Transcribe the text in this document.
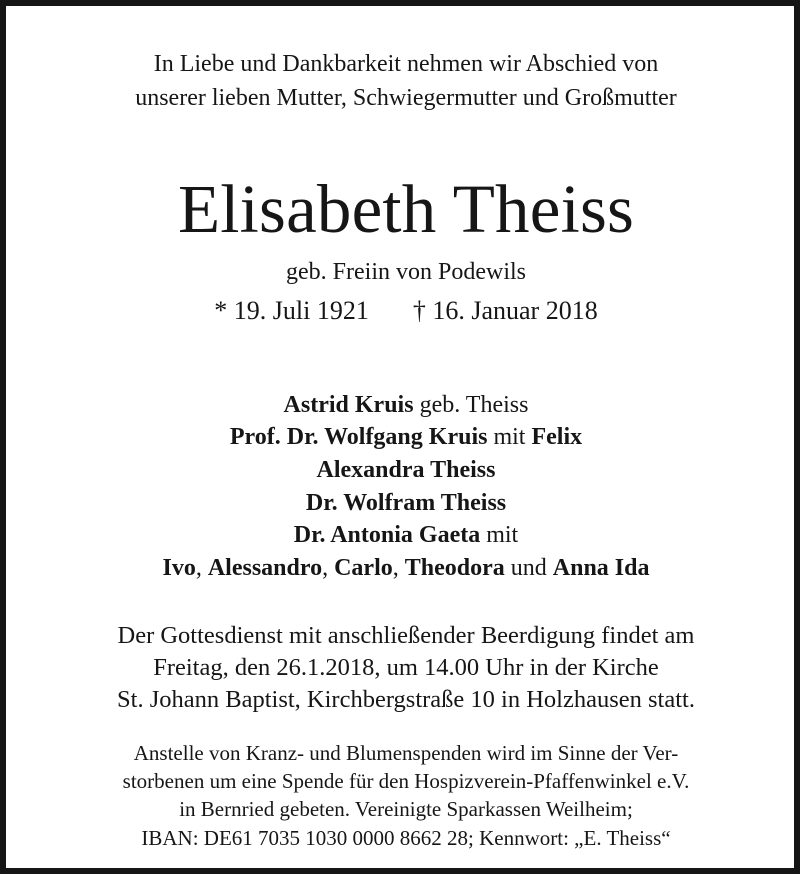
In Liebe und Dankbarkeit nehmen wir Abschied von
unserer lieben Mutter, Schwiegermutter und Großmutter
Elisabeth Theiss
geb. Freiin von Podewils
* 19. Juli 1921 † 16. Januar 2018
Astrid Kruis geb. Theiss
Prof. Dr. Wolfgang Kruis mit Felix
Alexandra Theiss
Dr. Wolfram Theiss
Dr. Antonia Gaeta mit
Ivo, Alessandro, Carlo, Theodora und Anna Ida
Der Gottesdienst mit anschließender Beerdigung findet am
Freitag, den 26.1.2018, um 14.00 Uhr in der Kirche
St. Johann Baptist, Kirchbergstraße 10 in Holzhausen statt.
Anstelle von Kranz- und Blumenspenden wird im Sinne der Ver-
storbenen um eine Spende für den Hospizverein-Pfaffenwinkel e.V.
in Bernried gebeten. Vereinigte Sparkassen Weilheim;
IBAN: DE61 7035 1030 0000 8662 28; Kennwort: „E. Theiss“
